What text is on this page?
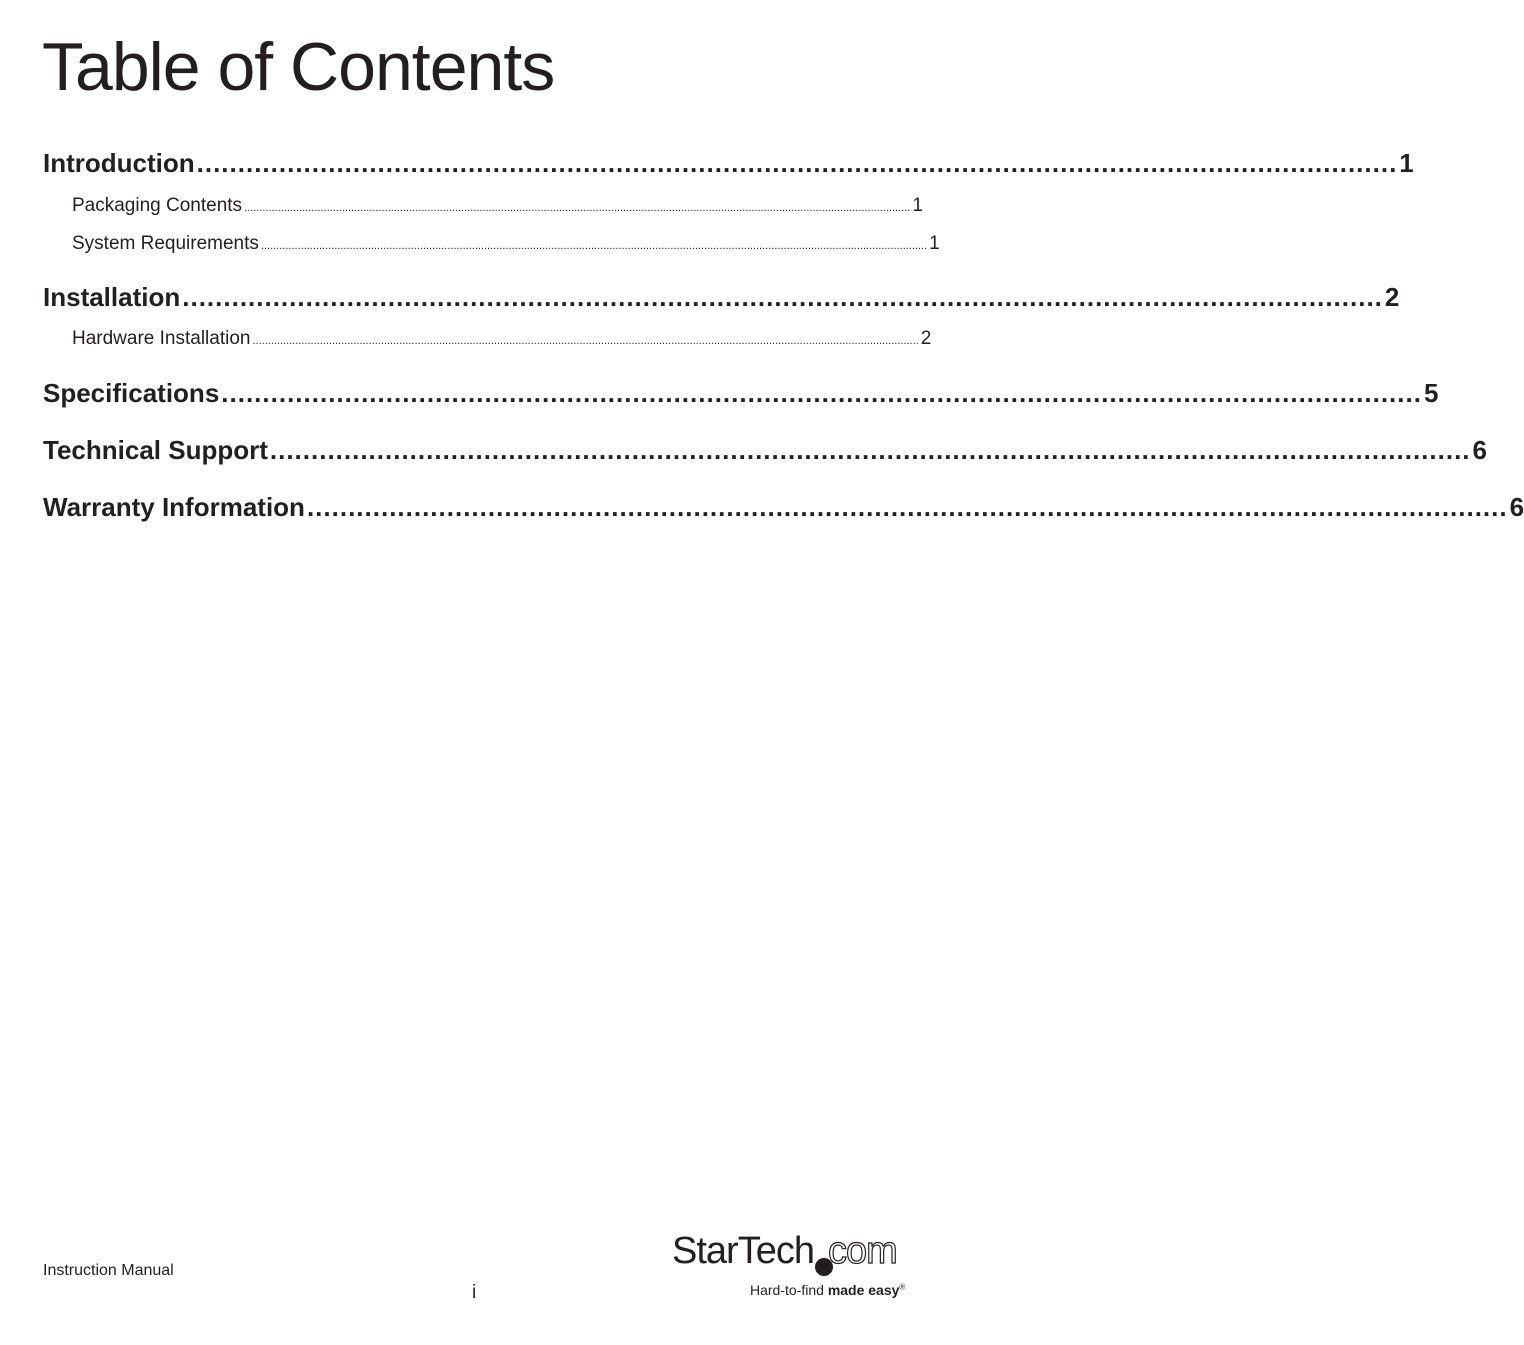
Table of Contents
Introduction .................................................................................................................................................. 1
Packaging Contents .......................................................................................................................................................................................................................... 1
System Requirements .......................................................................................................................................................................................................................... 1
Installation .................................................................................................................................................. 2
Hardware Installation .......................................................................................................................................................................................................................... 2
Specifications .................................................................................................................................................. 5
Technical Support .................................................................................................................................................. 6
Warranty Information .................................................................................................................................................. 6
Instruction Manual
i
StarTech com
Hard-to-find made easy®
